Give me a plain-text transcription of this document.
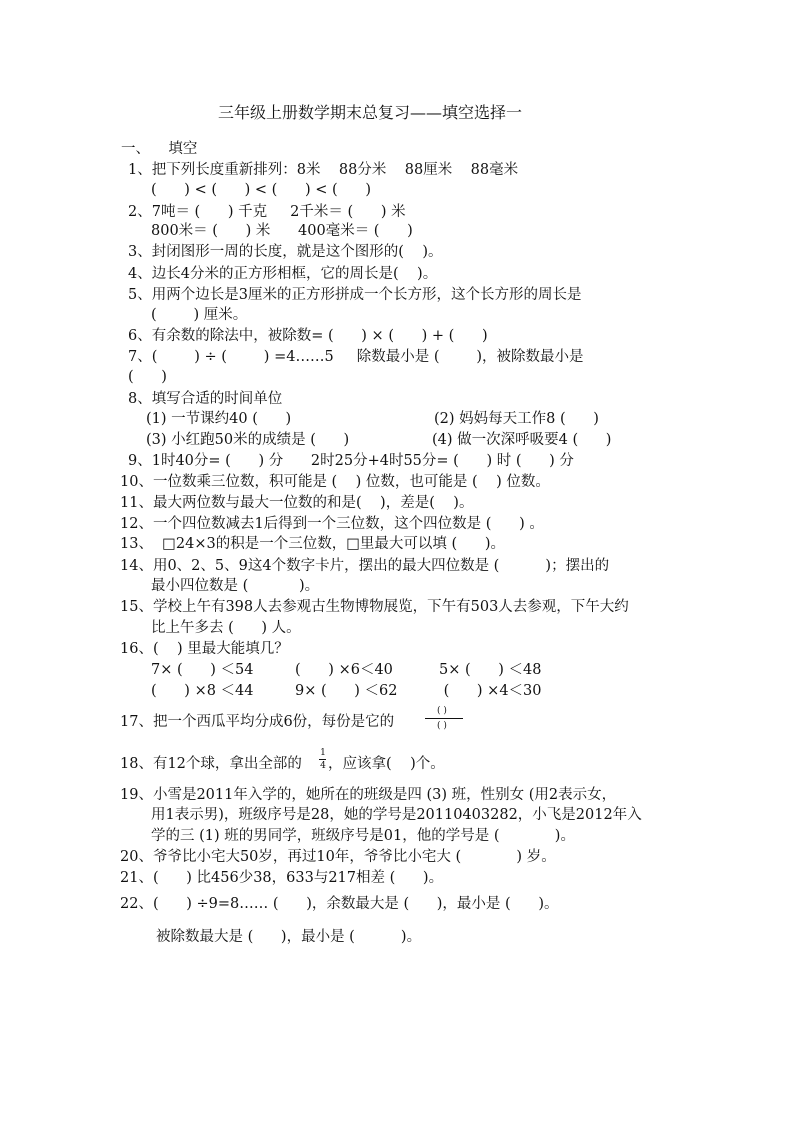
三年级上册数学期末总复习——填空选择一
一、    填空
1、把下列长度重新排列：8米    88分米    88厘米    88毫米
(      ) < (      ) < (      ) < (      )
2、7吨＝ (      ) 千克     2千米＝ (      ) 米
800米＝ (      ) 米      400毫米＝ (      )
3、封闭图形一周的长度，就是这个图形的(    )。
4、边长4分米的正方形相框，它的周长是(    )。
5、用两个边长是3厘米的正方形拼成一个长方形，这个长方形的周长是
(        ) 厘米。
6、有余数的除法中，被除数= (      ) × (      ) + (      )
7、(        ) ÷ (        ) =4……5     除数最小是 (        )，被除数最小是
(      )
8、填写合适的时间单位
(1) 一节课约40 (      )	(2) 妈妈每天工作8 (      )
(3) 小红跑50米的成绩是 (      )	(4) 做一次深呼吸要4 (      )
9、1时40分= (      ) 分      2时25分+4时55分= (      ) 时 (      ) 分
10、一位数乘三位数，积可能是 (    ) 位数，也可能是 (    ) 位数。
11、最大两位数与最大一位数的和是(    )，差是(    )。
12、一个四位数减去1后得到一个三位数，这个四位数是 (      ) 。
13、  □24×3的积是一个三位数，□里最大可以填 (      )。
14、用0、2、5、9这4个数字卡片，摆出的最大四位数是 (          )；摆出的
最小四位数是 (           )。
15、学校上午有398人去参观古生物博物展览，下午有503人去参观，下午大约
比上午多去 (      ) 人。
16、(    ) 里最大能填几？
7× (      ) ＜54         (      ) ×6＜40          5× (      ) ＜48
(      ) ×8 ＜44         9× (      ) ＜62          (      ) ×4＜30
17、把一个西瓜平均分成6份，每份是它的
( )
( )
18、有12个球，拿出全部的
1
4 ，应该拿(    )个。
19、小雪是2011年入学的，她所在的班级是四 (3) 班，性别女 (用2表示女，
用1表示男)，班级序号是28，她的学号是20110403282，小飞是2012年入
学的三 (1) 班的男同学，班级序号是01，他的学号是 (            )。
20、爷爷比小宅大50岁，再过10年，爷爷比小宅大 (            ) 岁。
21、(      ) 比456少38，633与217相差 (      )。
22、(      ) ÷9=8…… (      )，余数最大是 (      )，最小是 (      )。
被除数最大是 (      )，最小是 (          )。
